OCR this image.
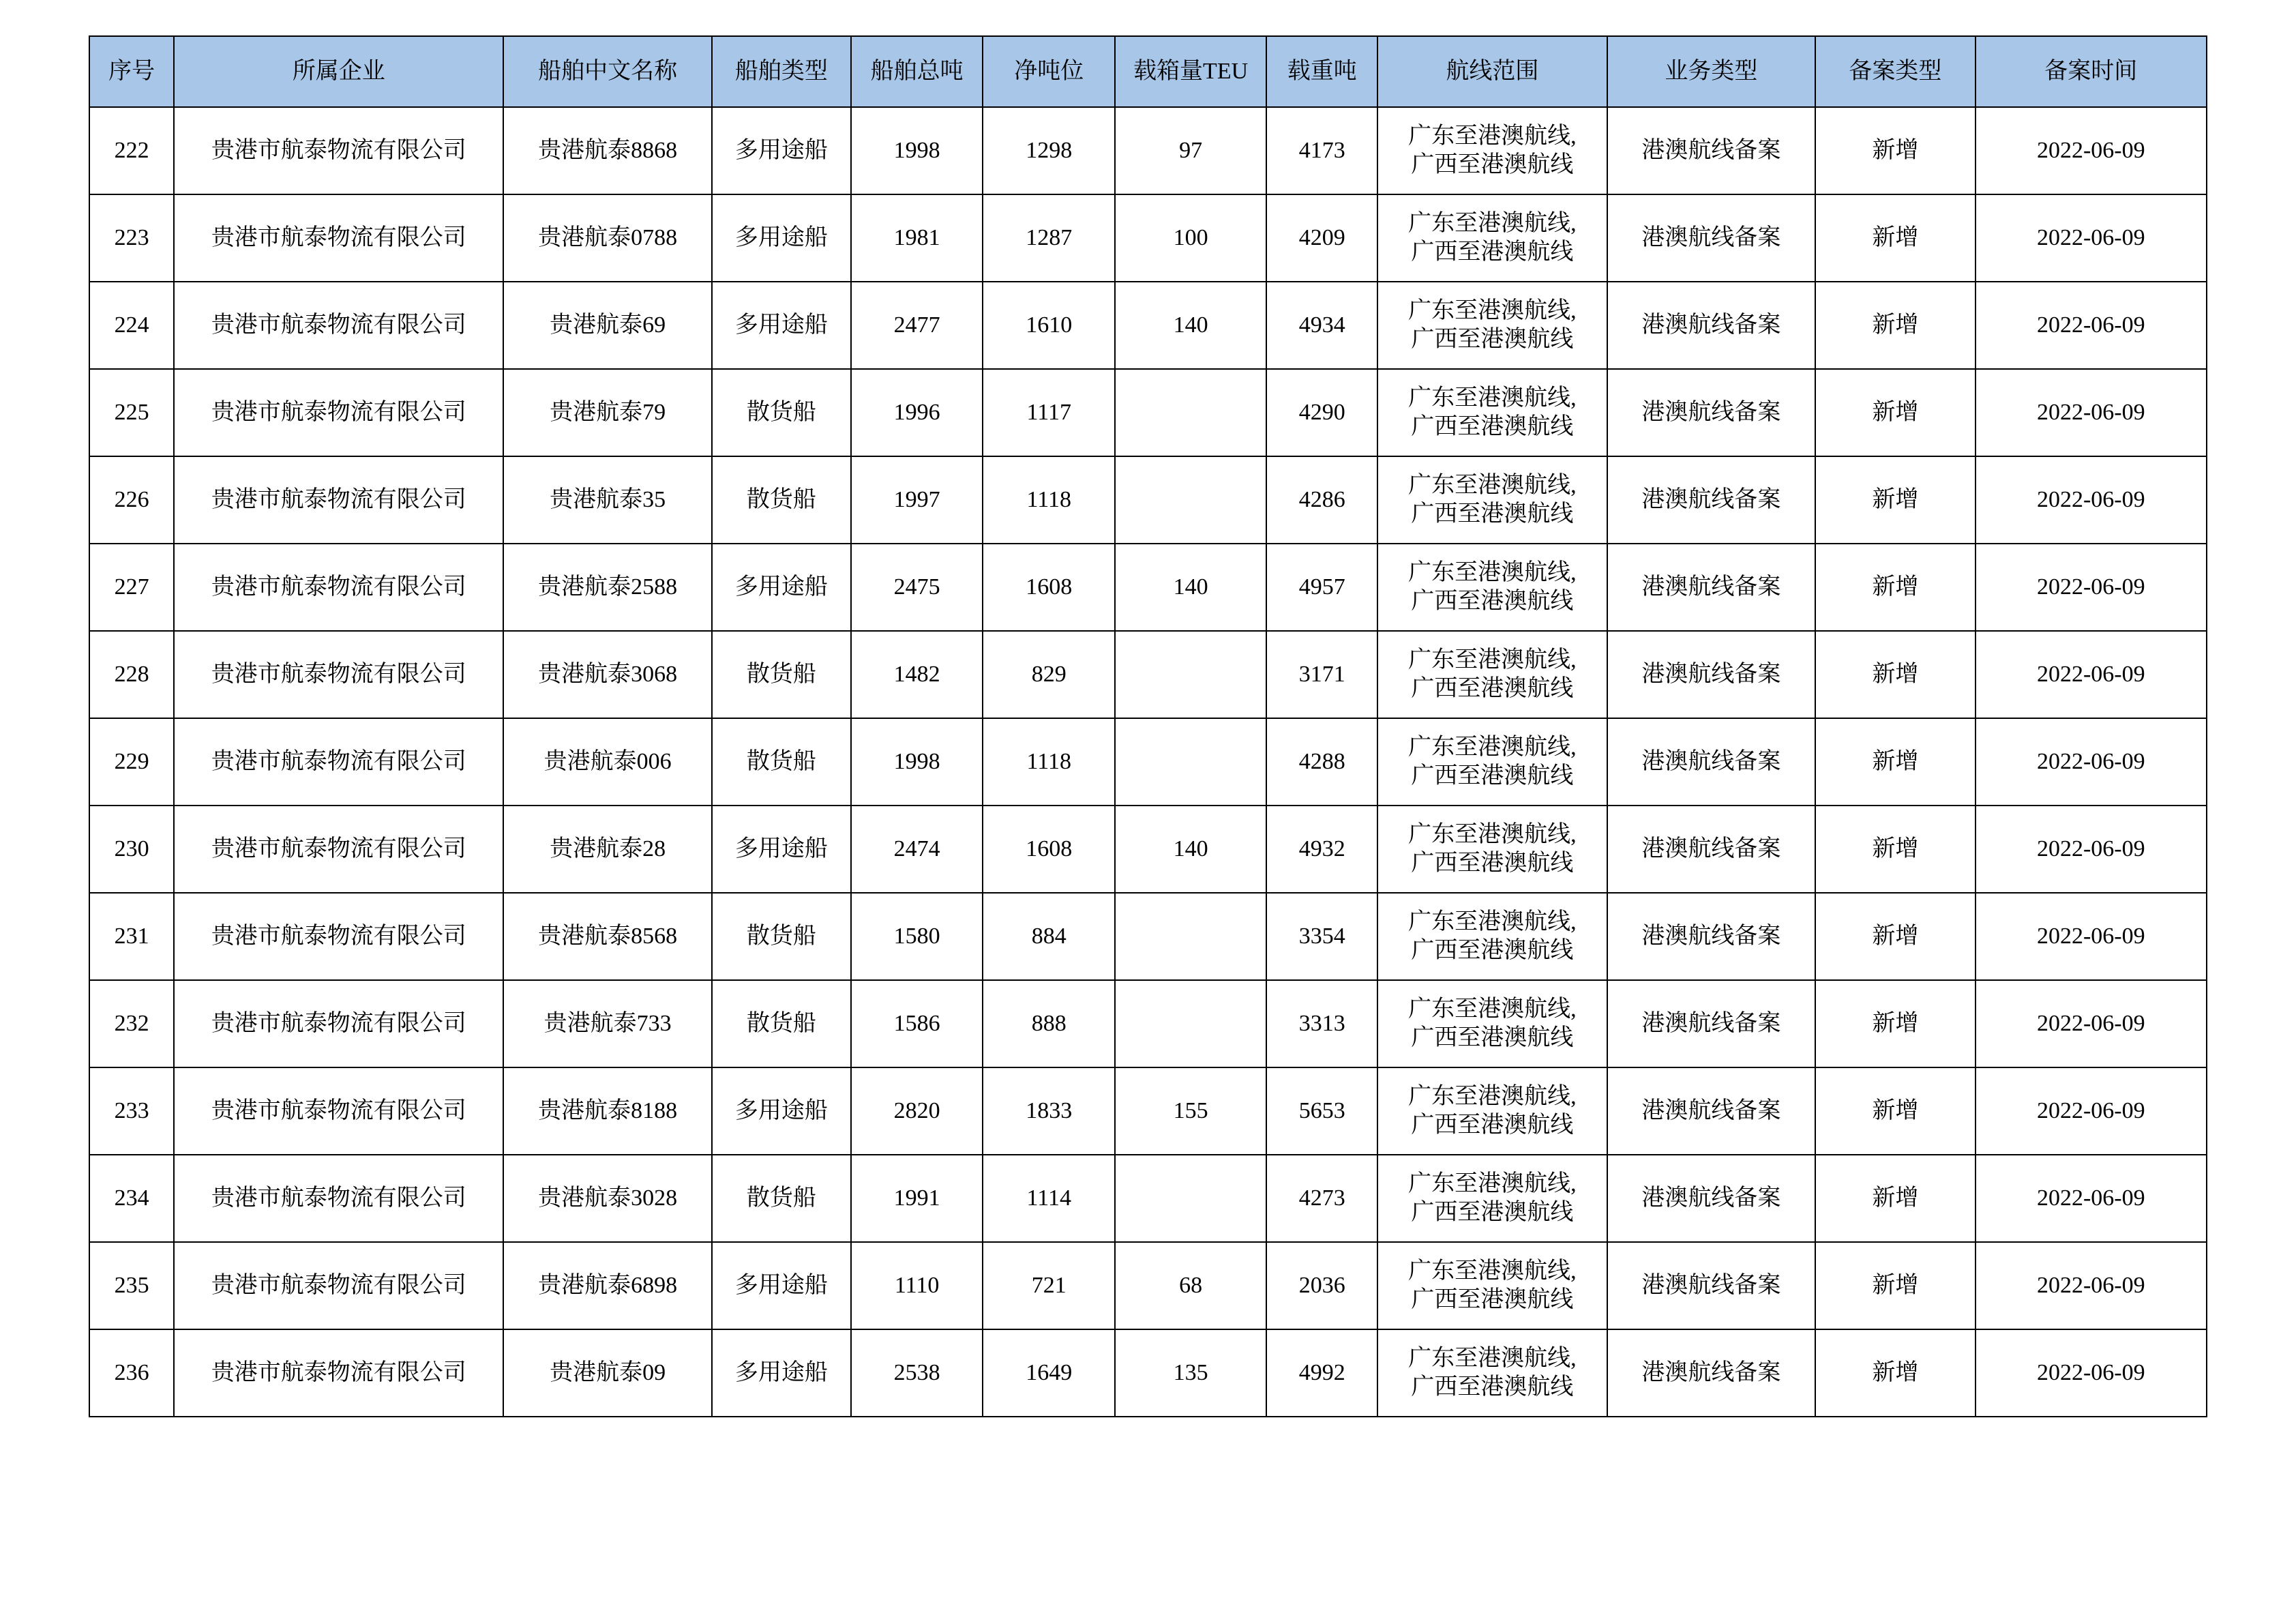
序号	所属企业	船舶中文名称	船舶类型	船舶总吨	净吨位	载箱量TEU	载重吨	航线范围	业务类型	备案类型	备案时间
222	贵港市航泰物流有限公司	贵港航泰8868	多用途船	1998	1298	97	4173	广东至港澳航线,
广西至港澳航线	港澳航线备案	新增	2022-06-09
223	贵港市航泰物流有限公司	贵港航泰0788	多用途船	1981	1287	100	4209	广东至港澳航线,
广西至港澳航线	港澳航线备案	新增	2022-06-09
224	贵港市航泰物流有限公司	贵港航泰69	多用途船	2477	1610	140	4934	广东至港澳航线,
广西至港澳航线	港澳航线备案	新增	2022-06-09
225	贵港市航泰物流有限公司	贵港航泰79	散货船	1996	1117		4290	广东至港澳航线,
广西至港澳航线	港澳航线备案	新增	2022-06-09
226	贵港市航泰物流有限公司	贵港航泰35	散货船	1997	1118		4286	广东至港澳航线,
广西至港澳航线	港澳航线备案	新增	2022-06-09
227	贵港市航泰物流有限公司	贵港航泰2588	多用途船	2475	1608	140	4957	广东至港澳航线,
广西至港澳航线	港澳航线备案	新增	2022-06-09
228	贵港市航泰物流有限公司	贵港航泰3068	散货船	1482	829		3171	广东至港澳航线,
广西至港澳航线	港澳航线备案	新增	2022-06-09
229	贵港市航泰物流有限公司	贵港航泰006	散货船	1998	1118		4288	广东至港澳航线,
广西至港澳航线	港澳航线备案	新增	2022-06-09
230	贵港市航泰物流有限公司	贵港航泰28	多用途船	2474	1608	140	4932	广东至港澳航线,
广西至港澳航线	港澳航线备案	新增	2022-06-09
231	贵港市航泰物流有限公司	贵港航泰8568	散货船	1580	884		3354	广东至港澳航线,
广西至港澳航线	港澳航线备案	新增	2022-06-09
232	贵港市航泰物流有限公司	贵港航泰733	散货船	1586	888		3313	广东至港澳航线,
广西至港澳航线	港澳航线备案	新增	2022-06-09
233	贵港市航泰物流有限公司	贵港航泰8188	多用途船	2820	1833	155	5653	广东至港澳航线,
广西至港澳航线	港澳航线备案	新增	2022-06-09
234	贵港市航泰物流有限公司	贵港航泰3028	散货船	1991	1114		4273	广东至港澳航线,
广西至港澳航线	港澳航线备案	新增	2022-06-09
235	贵港市航泰物流有限公司	贵港航泰6898	多用途船	1110	721	68	2036	广东至港澳航线,
广西至港澳航线	港澳航线备案	新增	2022-06-09
236	贵港市航泰物流有限公司	贵港航泰09	多用途船	2538	1649	135	4992	广东至港澳航线,
广西至港澳航线	港澳航线备案	新增	2022-06-09
